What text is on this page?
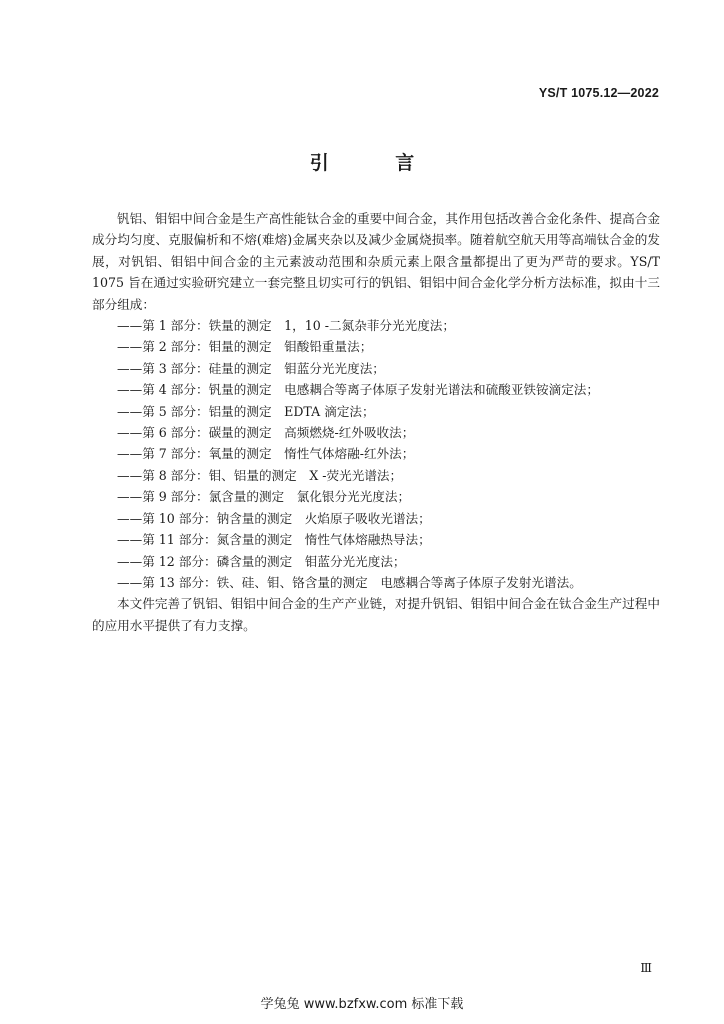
YS/T 1075.12—2022
引 言

钒铝、钼铝中间合金是生产高性能钛合金的重要中间合金，其作用包括改善合金化条件、提高合金成分均匀度、克服偏析和不熔(难熔)金属夹杂以及减少金属烧损率。随着航空航天用等高端钛合金的发展，对钒铝、钼铝中间合金的主元素波动范围和杂质元素上限含量都提出了更为严苛的要求。YS/T 1075 旨在通过实验研究建立一套完整且切实可行的钒铝、钼铝中间合金化学分析方法标准，拟由十三部分组成：

——第 1 部分：铁量的测定　1，10 -二氮杂菲分光光度法；
——第 2 部分：钼量的测定　钼酸铅重量法；
——第 3 部分：硅量的测定　钼蓝分光光度法；
——第 4 部分：钒量的测定　电感耦合等离子体原子发射光谱法和硫酸亚铁铵滴定法；
——第 5 部分：铝量的测定　EDTA 滴定法；
——第 6 部分：碳量的测定　高频燃烧-红外吸收法；
——第 7 部分：氧量的测定　惰性气体熔融-红外法；
——第 8 部分：钼、铝量的测定　X -荧光光谱法；
——第 9 部分：氯含量的测定　氯化银分光光度法；
——第 10 部分：钠含量的测定　火焰原子吸收光谱法；
——第 11 部分：氮含量的测定　惰性气体熔融热导法；
——第 12 部分：磷含量的测定　钼蓝分光光度法；
——第 13 部分：铁、硅、钼、铬含量的测定　电感耦合等离子体原子发射光谱法。

本文件完善了钒铝、钼铝中间合金的生产产业链，对提升钒铝、钼铝中间合金在钛合金生产过程中的应用水平提供了有力支撑。

Ⅲ
学兔兔 www.bzfxw.com 标准下载
